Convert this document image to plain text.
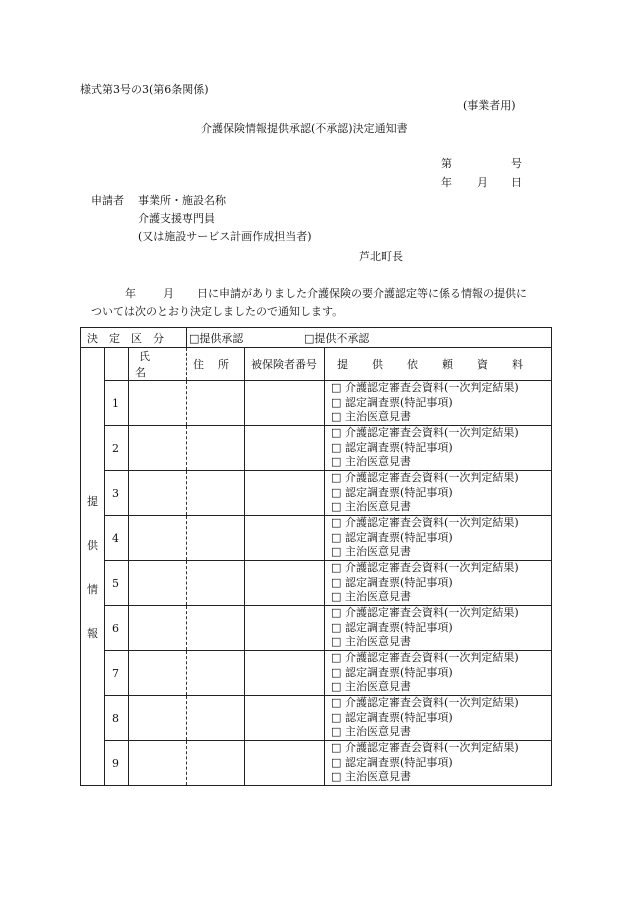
様式第3号の3(第6条関係)
(事業者用)
介護保険情報提供承認(不承認)決定通知書
第	号
年 月 日
申請者 事業所・施設名称
介護支援専門員
(又は施設サービス計画作成担当者)
芦北町長
年 月 日に申請がありました介護保険の要介護認定等に係る情報の提供に
ついては次のとおり決定しましたので通知します。
決定区分			□提供承認 □提供不承認		

提
供
情
報		氏名	住所	被保険者番号	提供依頼資料
	1				□ 介護認定審査会資料(一次判定結果)
□ 認定調査票(特記事項)
□ 主治医意見書

	2				□ 介護認定審査会資料(一次判定結果)
□ 認定調査票(特記事項)
□ 主治医意見書

	3				□ 介護認定審査会資料(一次判定結果)
□ 認定調査票(特記事項)
□ 主治医意見書

	4				□ 介護認定審査会資料(一次判定結果)
□ 認定調査票(特記事項)
□ 主治医意見書

	5				□ 介護認定審査会資料(一次判定結果)
□ 認定調査票(特記事項)
□ 主治医意見書

	6				□ 介護認定審査会資料(一次判定結果)
□ 認定調査票(特記事項)
□ 主治医意見書

	7				□ 介護認定審査会資料(一次判定結果)
□ 認定調査票(特記事項)
□ 主治医意見書

	8				□ 介護認定審査会資料(一次判定結果)
□ 認定調査票(特記事項)
□ 主治医意見書

	9				□ 介護認定審査会資料(一次判定結果)
□ 認定調査票(特記事項)
□ 主治医意見書
